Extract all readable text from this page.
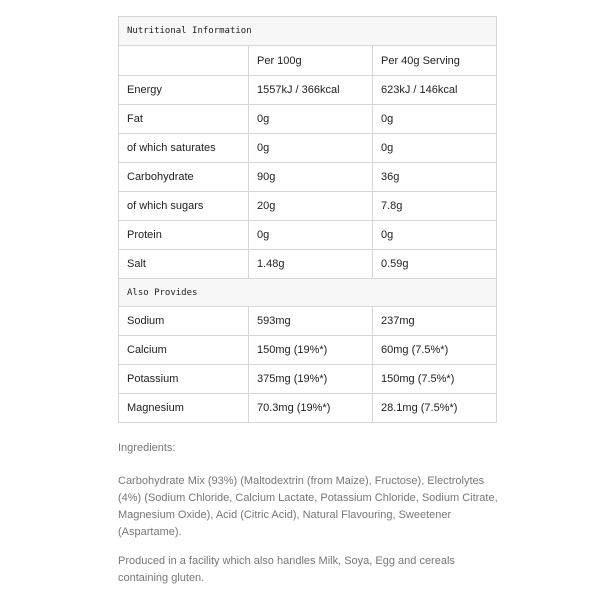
Nutritional Information		
	Per 100g	Per 40g Serving
Energy	1557kJ / 366kcal	623kJ / 146kcal
Fat	0g	0g
of which saturates	0g	0g
Carbohydrate	90g	36g
of which sugars	20g	7.8g
Protein	0g	0g
Salt	1.48g	0.59g
Also Provides		
Sodium	593mg	237mg
Calcium	150mg (19%*)	60mg (7.5%*)
Potassium	375mg (19%*)	150mg (7.5%*)
Magnesium	70.3mg (19%*)	28.1mg (7.5%*)

Ingredients:

Carbohydrate Mix (93%) (Maltodextrin (from Maize), Fructose), Electrolytes (4%) (Sodium Chloride, Calcium Lactate, Potassium Chloride, Sodium Citrate, Magnesium Oxide), Acid (Citric Acid), Natural Flavouring, Sweetener (Aspartame).

Produced in a facility which also handles Milk, Soya, Egg and cereals containing gluten.
